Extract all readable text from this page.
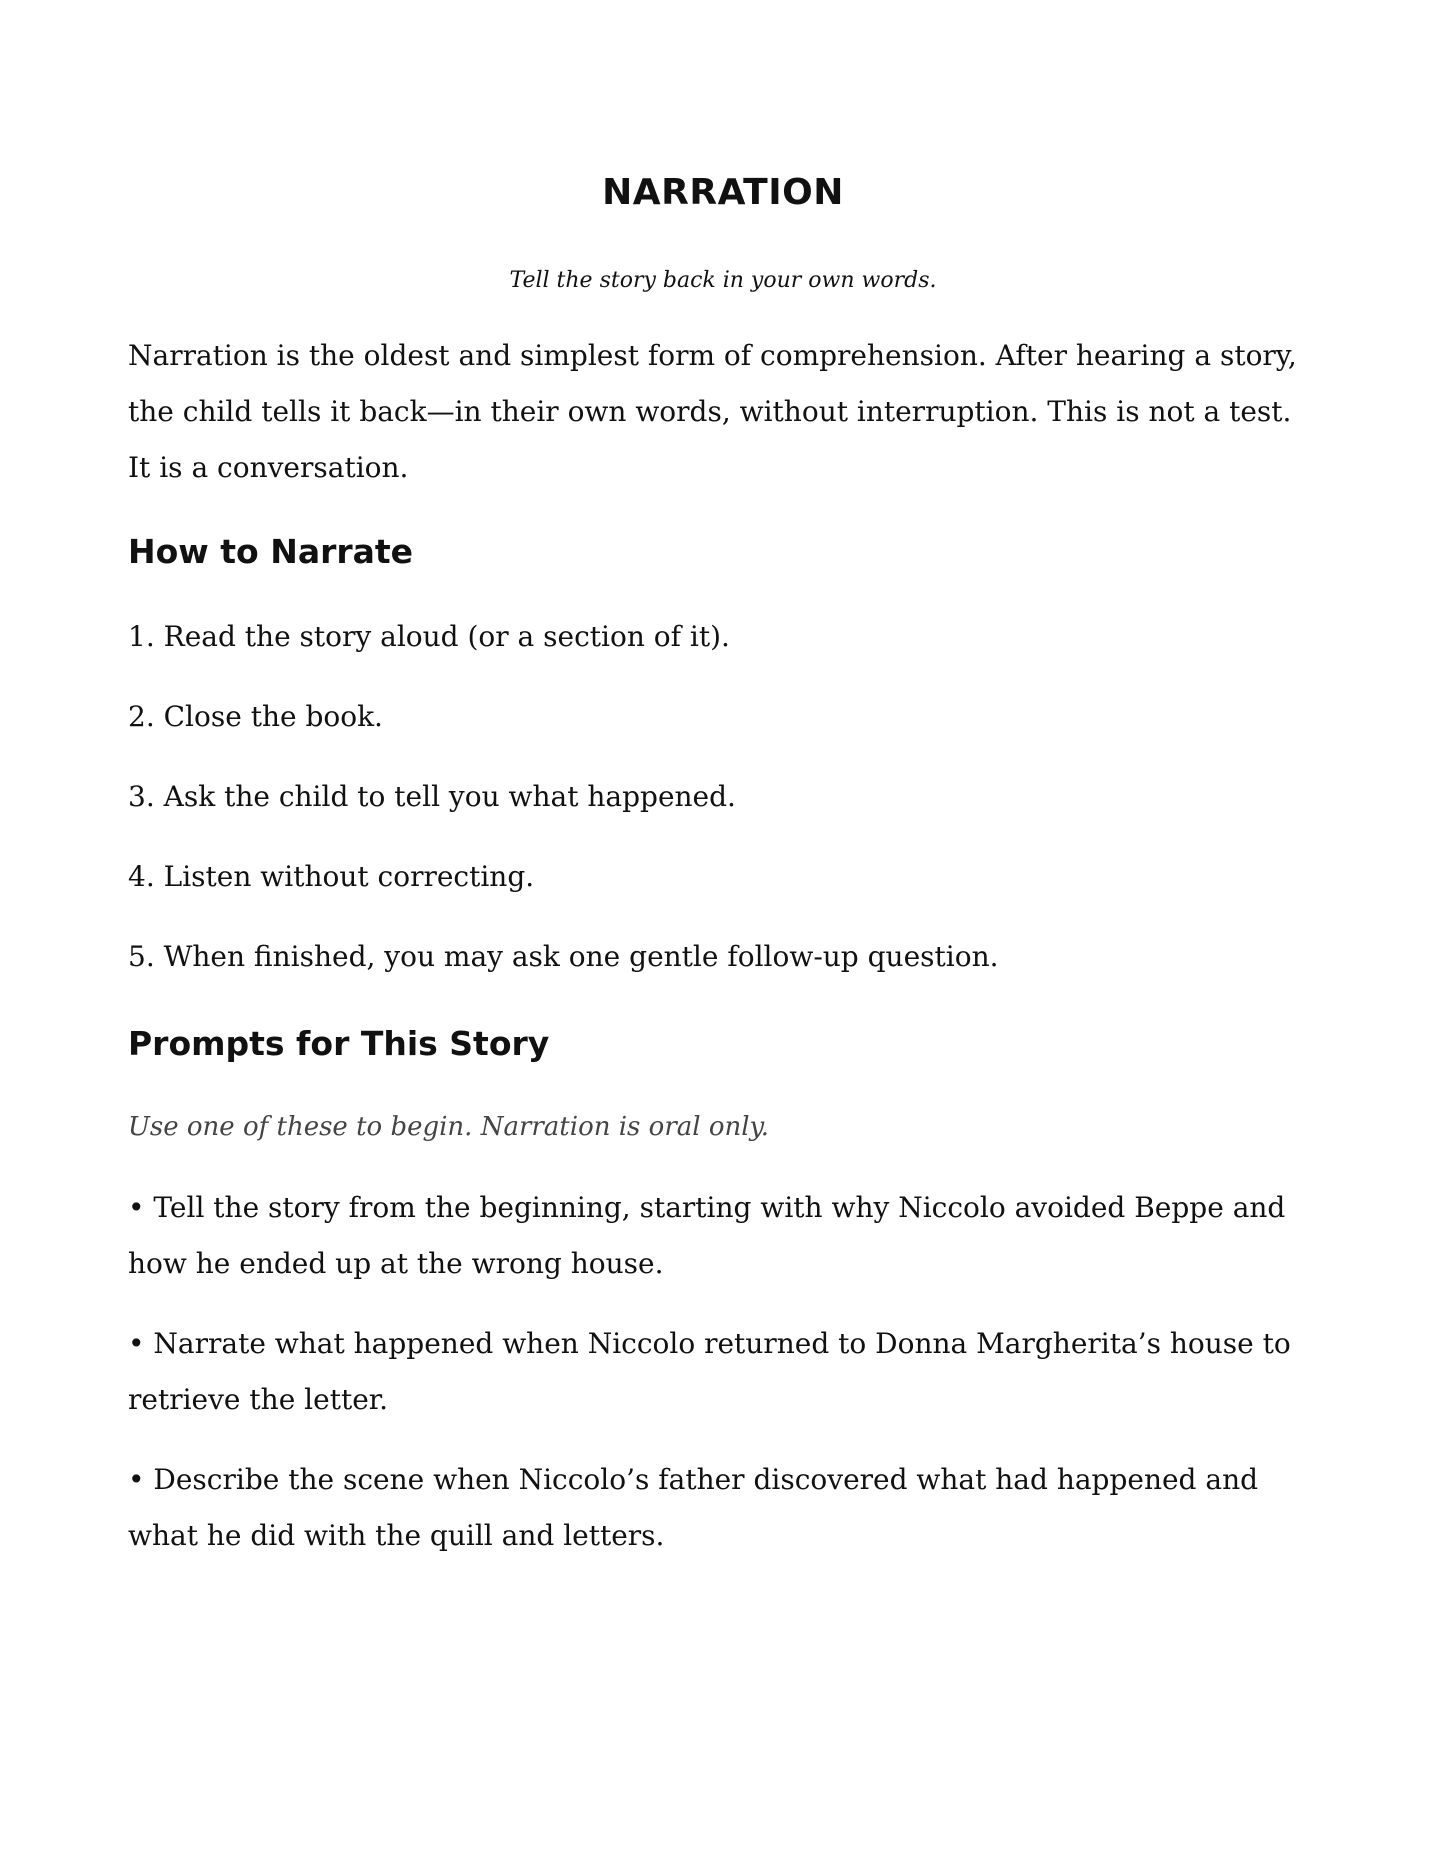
NARRATION

Tell the story back in your own words.

Narration is the oldest and simplest form of comprehension. After hearing a story, the child tells it back—in their own words, without interruption. This is not a test. It is a conversation.

How to Narrate

1. Read the story aloud (or a section of it).

2. Close the book.

3. Ask the child to tell you what happened.

4. Listen without correcting.

5. When finished, you may ask one gentle follow-up question.

Prompts for This Story

Use one of these to begin. Narration is oral only.

• Tell the story from the beginning, starting with why Niccolo avoided Beppe and how he ended up at the wrong house.

• Narrate what happened when Niccolo returned to Donna Margherita’s house to retrieve the letter.

• Describe the scene when Niccolo’s father discovered what had happened and what he did with the quill and letters.
